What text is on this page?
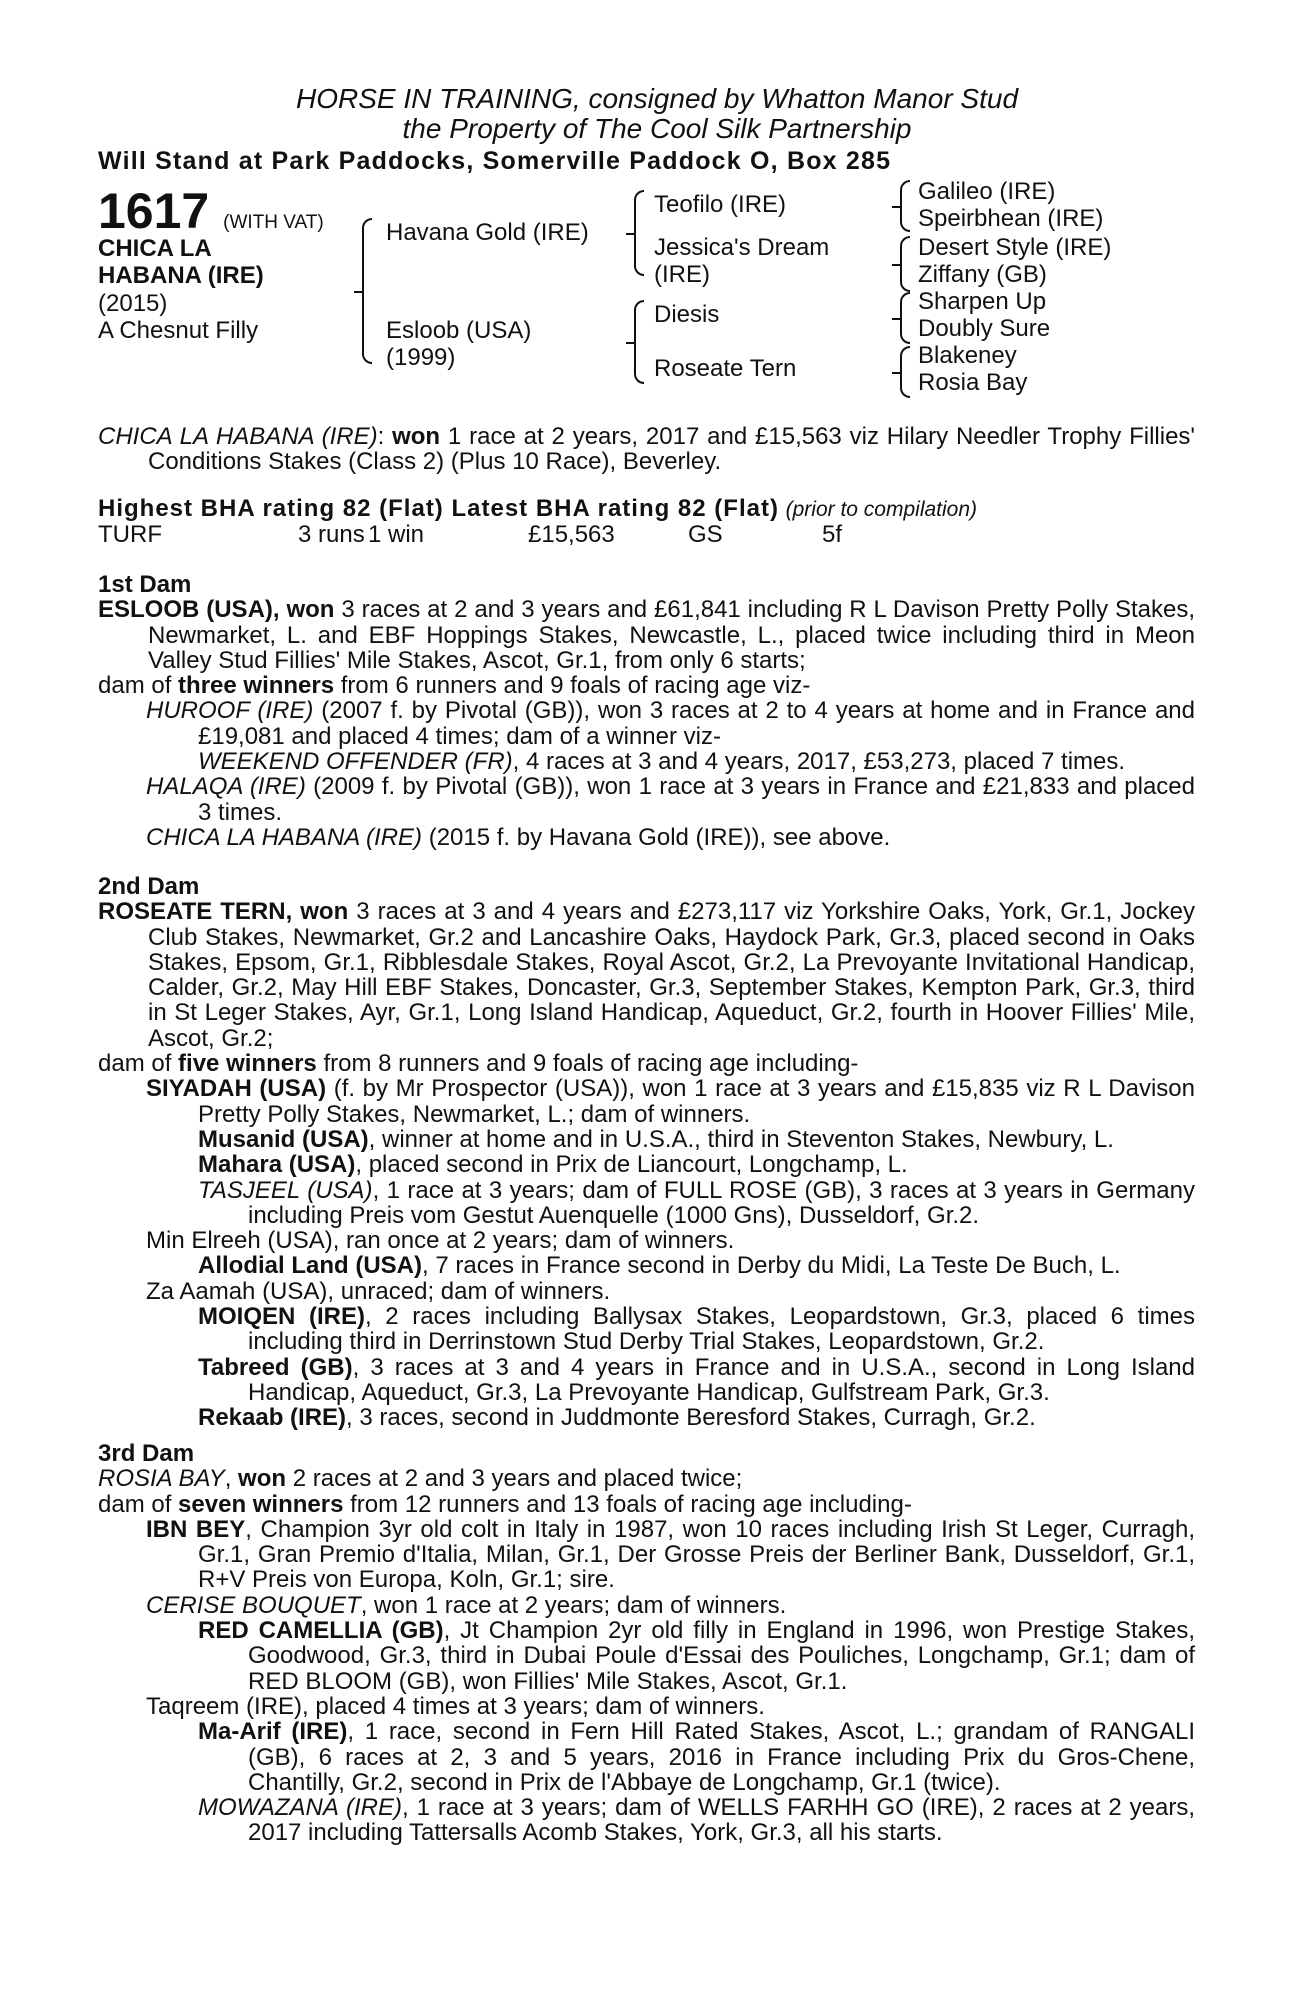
HORSE IN TRAINING, consigned by Whatton Manor Stud
the Property of The Cool Silk Partnership
Will Stand at Park Paddocks, Somerville Paddock O, Box 285
1617 (WITH VAT)
CHICA LA
HABANA (IRE)
(2015)
A Chesnut Filly
Havana Gold (IRE)
Esloob (USA)
(1999)
Teofilo (IRE)
Jessica's Dream
(IRE)
Diesis
Roseate Tern
Galileo (IRE)
Speirbhean (IRE)
Desert Style (IRE)
Ziffany (GB)
Sharpen Up
Doubly Sure
Blakeney
Rosia Bay

CHICA LA HABANA (IRE): won 1 race at 2 years, 2017 and £15,563 viz Hilary Needler Trophy Fillies' Conditions Stakes (Class 2) (Plus 10 Race), Beverley.

Highest BHA rating 82 (Flat) Latest BHA rating 82 (Flat) (prior to compilation)

TURF	3 runs 1 win	£15,563	GS	5f

1st Dam

ESLOOB (USA), won 3 races at 2 and 3 years and £61,841 including R L Davison Pretty Polly Stakes, Newmarket, L. and EBF Hoppings Stakes, Newcastle, L., placed twice including third in Meon Valley Stud Fillies' Mile Stakes, Ascot, Gr.1, from only 6 starts;

dam of three winners from 6 runners and 9 foals of racing age viz-

HUROOF (IRE) (2007 f. by Pivotal (GB)), won 3 races at 2 to 4 years at home and in France and £19,081 and placed 4 times; dam of a winner viz-

WEEKEND OFFENDER (FR), 4 races at 3 and 4 years, 2017, £53,273, placed 7 times.

HALAQA (IRE) (2009 f. by Pivotal (GB)), won 1 race at 3 years in France and £21,833 and placed 3 times.

CHICA LA HABANA (IRE) (2015 f. by Havana Gold (IRE)), see above.

2nd Dam

ROSEATE TERN, won 3 races at 3 and 4 years and £273,117 viz Yorkshire Oaks, York, Gr.1, Jockey Club Stakes, Newmarket, Gr.2 and Lancashire Oaks, Haydock Park, Gr.3, placed second in Oaks Stakes, Epsom, Gr.1, Ribblesdale Stakes, Royal Ascot, Gr.2, La Prevoyante Invitational Handicap, Calder, Gr.2, May Hill EBF Stakes, Doncaster, Gr.3, September Stakes, Kempton Park, Gr.3, third in St Leger Stakes, Ayr, Gr.1, Long Island Handicap, Aqueduct, Gr.2, fourth in Hoover Fillies' Mile, Ascot, Gr.2;

dam of five winners from 8 runners and 9 foals of racing age including-

SIYADAH (USA) (f. by Mr Prospector (USA)), won 1 race at 3 years and £15,835 viz R L Davison Pretty Polly Stakes, Newmarket, L.; dam of winners.

Musanid (USA), winner at home and in U.S.A., third in Steventon Stakes, Newbury, L.

Mahara (USA), placed second in Prix de Liancourt, Longchamp, L.

TASJEEL (USA), 1 race at 3 years; dam of FULL ROSE (GB), 3 races at 3 years in Germany including Preis vom Gestut Auenquelle (1000 Gns), Dusseldorf, Gr.2.

Min Elreeh (USA), ran once at 2 years; dam of winners.

Allodial Land (USA), 7 races in France second in Derby du Midi, La Teste De Buch, L.

Za Aamah (USA), unraced; dam of winners.

MOIQEN (IRE), 2 races including Ballysax Stakes, Leopardstown, Gr.3, placed 6 times including third in Derrinstown Stud Derby Trial Stakes, Leopardstown, Gr.2.

Tabreed (GB), 3 races at 3 and 4 years in France and in U.S.A., second in Long Island Handicap, Aqueduct, Gr.3, La Prevoyante Handicap, Gulfstream Park, Gr.3.

Rekaab (IRE), 3 races, second in Juddmonte Beresford Stakes, Curragh, Gr.2.

3rd Dam

ROSIA BAY, won 2 races at 2 and 3 years and placed twice;

dam of seven winners from 12 runners and 13 foals of racing age including-

IBN BEY, Champion 3yr old colt in Italy in 1987, won 10 races including Irish St Leger, Curragh, Gr.1, Gran Premio d'Italia, Milan, Gr.1, Der Grosse Preis der Berliner Bank, Dusseldorf, Gr.1, R+V Preis von Europa, Koln, Gr.1; sire.

CERISE BOUQUET, won 1 race at 2 years; dam of winners.

RED CAMELLIA (GB), Jt Champion 2yr old filly in England in 1996, won Prestige Stakes, Goodwood, Gr.3, third in Dubai Poule d'Essai des Pouliches, Longchamp, Gr.1; dam of RED BLOOM (GB), won Fillies' Mile Stakes, Ascot, Gr.1.

Taqreem (IRE), placed 4 times at 3 years; dam of winners.

Ma-Arif (IRE), 1 race, second in Fern Hill Rated Stakes, Ascot, L.; grandam of RANGALI (GB), 6 races at 2, 3 and 5 years, 2016 in France including Prix du Gros-Chene, Chantilly, Gr.2, second in Prix de l'Abbaye de Longchamp, Gr.1 (twice).

MOWAZANA (IRE), 1 race at 3 years; dam of WELLS FARHH GO (IRE), 2 races at 2 years, 2017 including Tattersalls Acomb Stakes, York, Gr.3, all his starts.
